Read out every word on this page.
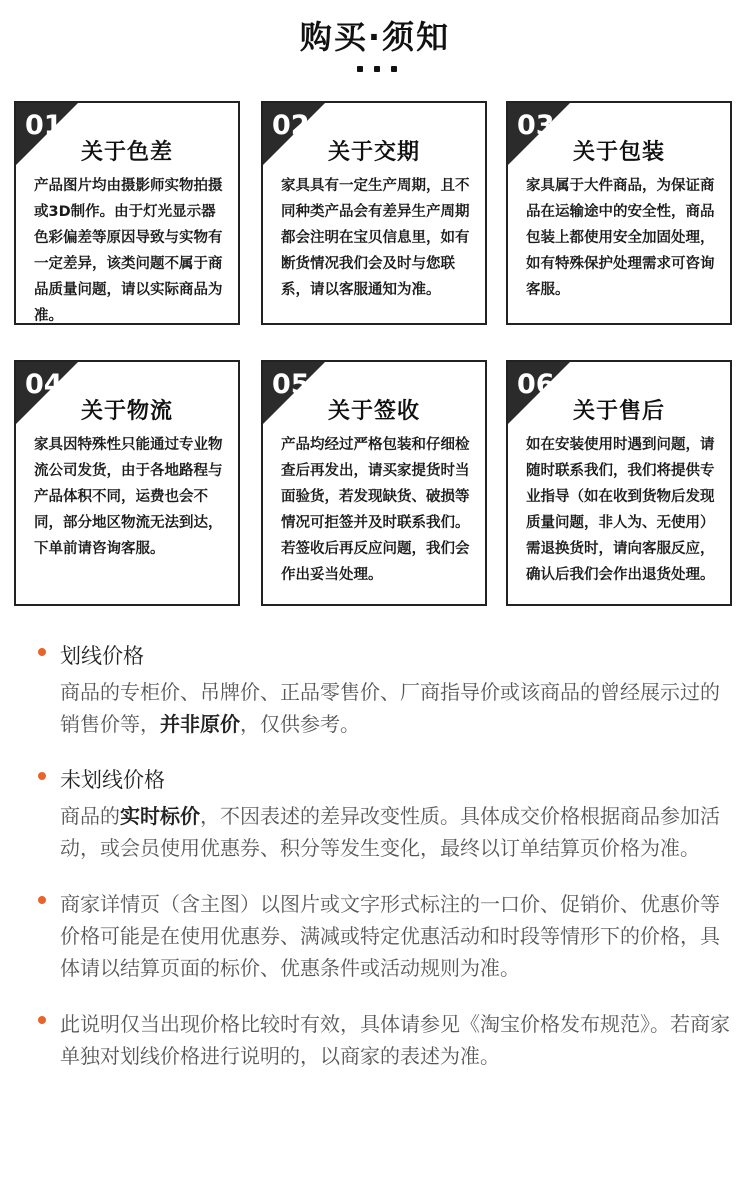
购买·须知
01
关于色差
产品图片均由摄影师实物拍摄或3D制作。由于灯光显示器色彩偏差等原因导致与实物有一定差异，该类问题不属于商品质量问题，请以实际商品为准。
02
关于交期
家具具有一定生产周期，且不同种类产品会有差异生产周期都会注明在宝贝信息里，如有断货情况我们会及时与您联系，请以客服通知为准。
03
关于包装
家具属于大件商品，为保证商品在运输途中的安全性，商品包装上都使用安全加固处理，如有特殊保护处理需求可咨询客服。
04
关于物流
家具因特殊性只能通过专业物流公司发货，由于各地路程与产品体积不同，运费也会不同，部分地区物流无法到达，下单前请咨询客服。
05
关于签收
产品均经过严格包装和仔细检查后再发出，请买家提货时当面验货，若发现缺货、破损等情况可拒签并及时联系我们。若签收后再反应问题，我们会作出妥当处理。
06
关于售后
如在安装使用时遇到问题，请随时联系我们，我们将提供专业指导（如在收到货物后发现质量问题，非人为、无使用）需退换货时，请向客服反应，确认后我们会作出退货处理。
划线价格
商品的专柜价、吊牌价、正品零售价、厂商指导价或该商品的曾经展示过的销售价等，并非原价，仅供参考。
未划线价格
商品的实时标价，不因表述的差异改变性质。具体成交价格根据商品参加活动，或会员使用优惠券、积分等发生变化，最终以订单结算页价格为准。
商家详情页（含主图）以图片或文字形式标注的一口价、促销价、优惠价等价格可能是在使用优惠券、满减或特定优惠活动和时段等情形下的价格，具体请以结算页面的标价、优惠条件或活动规则为准。
此说明仅当出现价格比较时有效，具体请参见《淘宝价格发布规范》。若商家单独对划线价格进行说明的，以商家的表述为准。
